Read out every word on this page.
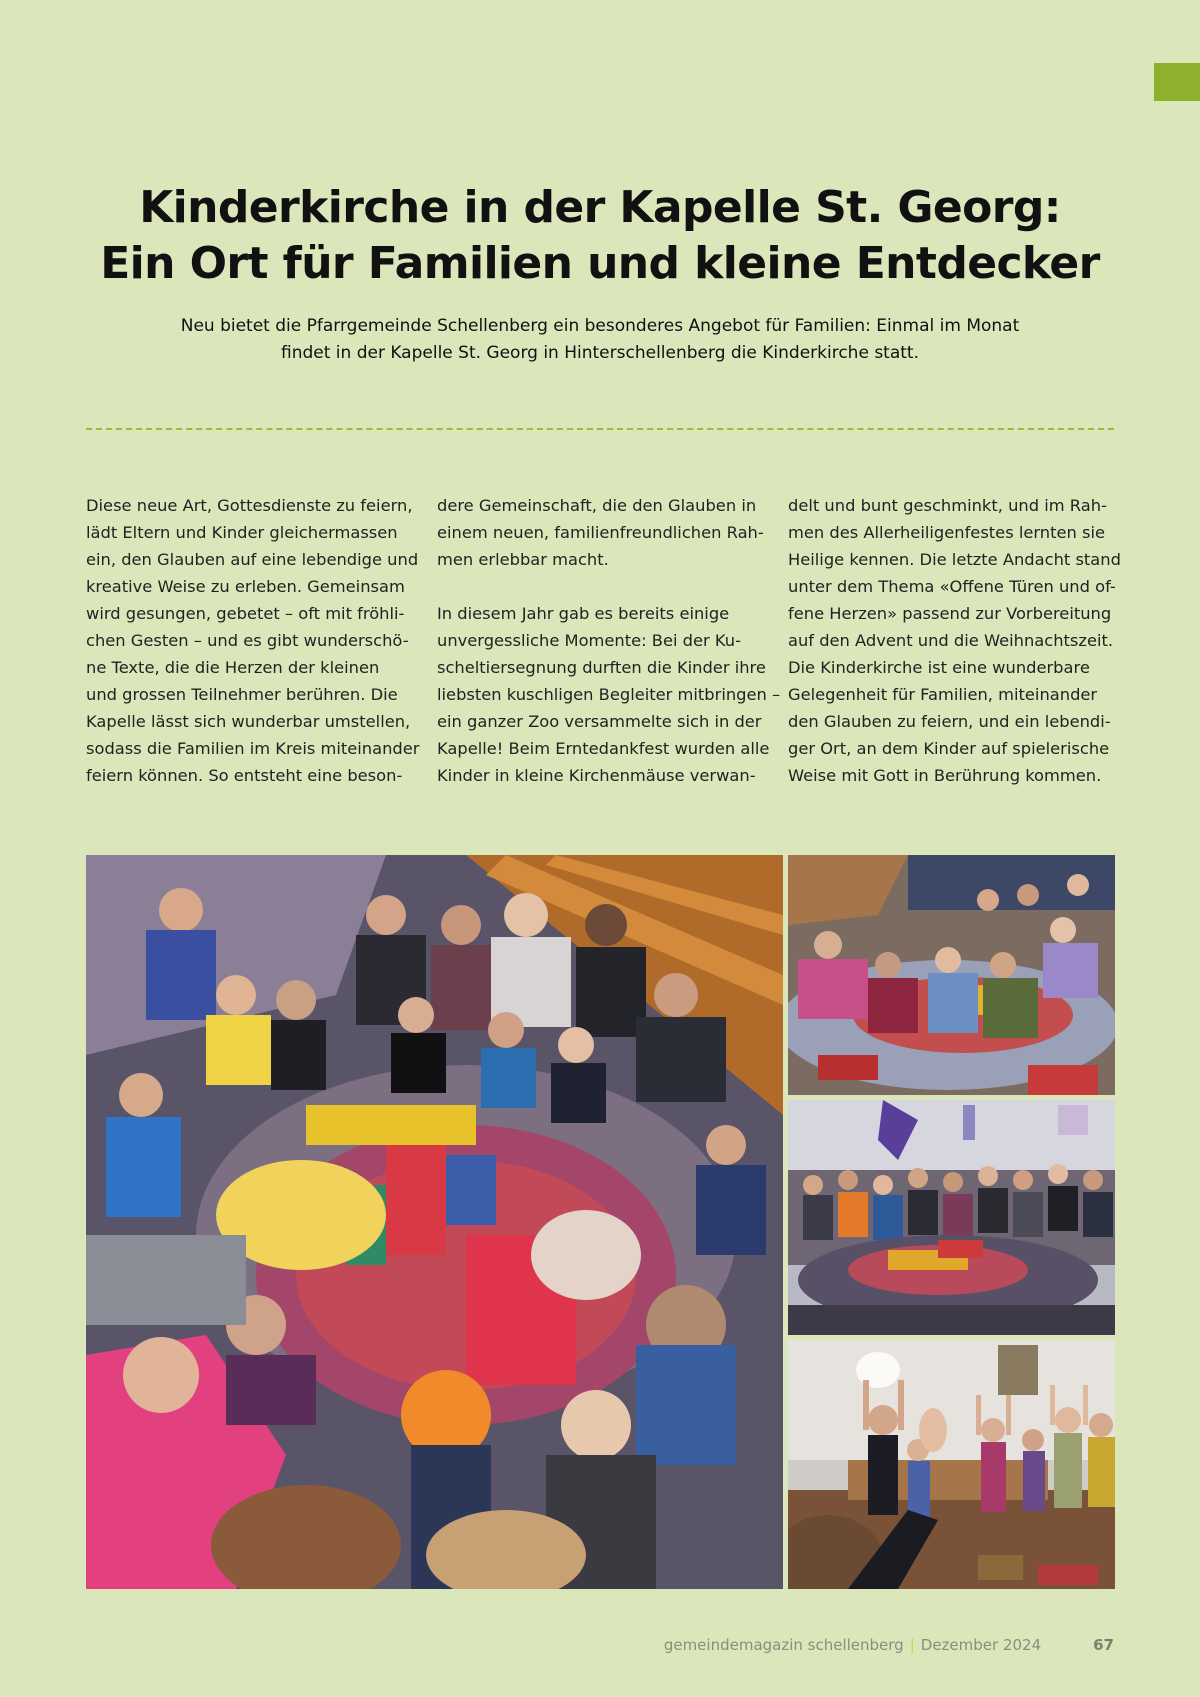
Kinderkirche in der Kapelle St. Georg:
Ein Ort für Familien und kleine Entdecker

Neu bietet die Pfarrgemeinde Schellenberg ein besonderes Angebot für Familien: Einmal im Monat
findet in der Kapelle St. Georg in Hinterschellenberg die Kinderkirche statt.

Diese neue Art, Gottesdienste zu feiern,
lädt Eltern und Kinder gleichermassen
ein, den Glauben auf eine lebendige und
kreative Weise zu erleben. Gemeinsam
wird gesungen, gebetet – oft mit fröhli-
chen Gesten – und es gibt wunderschö-
ne Texte, die die Herzen der kleinen
und grossen Teilnehmer berühren. Die
Kapelle lässt sich wunderbar umstellen,
sodass die Familien im Kreis miteinander
feiern können. So entsteht eine beson-
dere Gemeinschaft, die den Glauben in
einem neuen, familienfreundlichen Rah-
men erlebbar macht.
In diesem Jahr gab es bereits einige
unvergessliche Momente: Bei der Ku-
scheltiersegnung durften die Kinder ihre
liebsten kuschligen Begleiter mitbringen –
ein ganzer Zoo versammelte sich in der
Kapelle! Beim Erntedankfest wurden alle
Kinder in kleine Kirchenmäuse verwan-
delt und bunt geschminkt, und im Rah-
men des Allerheiligenfestes lernten sie
Heilige kennen. Die letzte Andacht stand
unter dem Thema «Offene Türen und of-
fene Herzen» passend zur Vorbereitung
auf den Advent und die Weihnachtszeit.
Die Kinderkirche ist eine wunderbare
Gelegenheit für Familien, miteinander
den Glauben zu feiern, und ein lebendi-
ger Ort, an dem Kinder auf spielerische
Weise mit Gott in Berührung kommen.
gemeindemagazin schellenberg | Dezember 2024	67
